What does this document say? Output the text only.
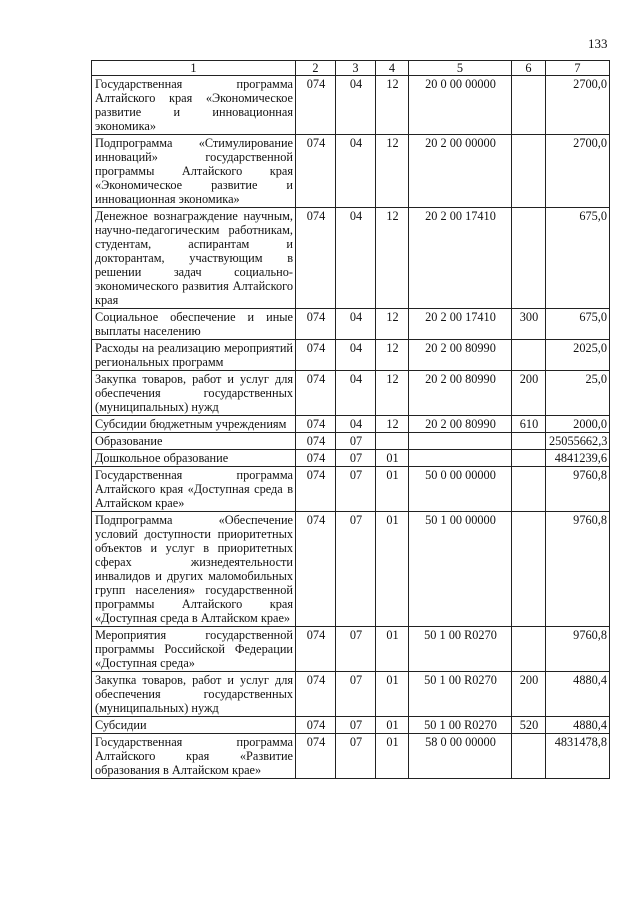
133
1	2	3	4	5	6	7
Государственная программа Алтайского края «Экономическое развитие и инновационная экономика»	074	04	12	20 0 00 00000		2700,0
Подпрограмма «Стимулирование инноваций» государственной программы Алтайского края «Экономическое развитие и инновационная экономика»	074	04	12	20 2 00 00000		2700,0
Денежное вознаграждение научным, научно-педагогическим работникам, студентам, аспирантам и докторантам, участвующим в решении задач социально-экономического развития Алтайского края	074	04	12	20 2 00 17410		675,0
Социальное обеспечение и иные выплаты населению	074	04	12	20 2 00 17410	300	675,0
Расходы на реализацию мероприятий региональных программ	074	04	12	20 2 00 80990		2025,0
Закупка товаров, работ и услуг для обеспечения государственных (муниципальных) нужд	074	04	12	20 2 00 80990	200	25,0
Субсидии бюджетным учреждениям	074	04	12	20 2 00 80990	610	2000,0
Образование	074	07				25055662,3
Дошкольное образование	074	07	01			4841239,6
Государственная программа Алтайского края «Доступная среда в Алтайском крае»	074	07	01	50 0 00 00000		9760,8
Подпрограмма «Обеспечение условий доступности приоритетных объектов и услуг в приоритетных сферах жизнедеятельности инвалидов и других маломобильных групп населения» государственной программы Алтайского края «Доступная среда в Алтайском крае»	074	07	01	50 1 00 00000		9760,8
Мероприятия государственной программы Российской Федерации «Доступная среда»	074	07	01	50 1 00 R0270		9760,8
Закупка товаров, работ и услуг для обеспечения государственных (муниципальных) нужд	074	07	01	50 1 00 R0270	200	4880,4
Субсидии	074	07	01	50 1 00 R0270	520	4880,4
Государственная программа Алтайского края «Развитие образования в Алтайском крае»	074	07	01	58 0 00 00000		4831478,8
